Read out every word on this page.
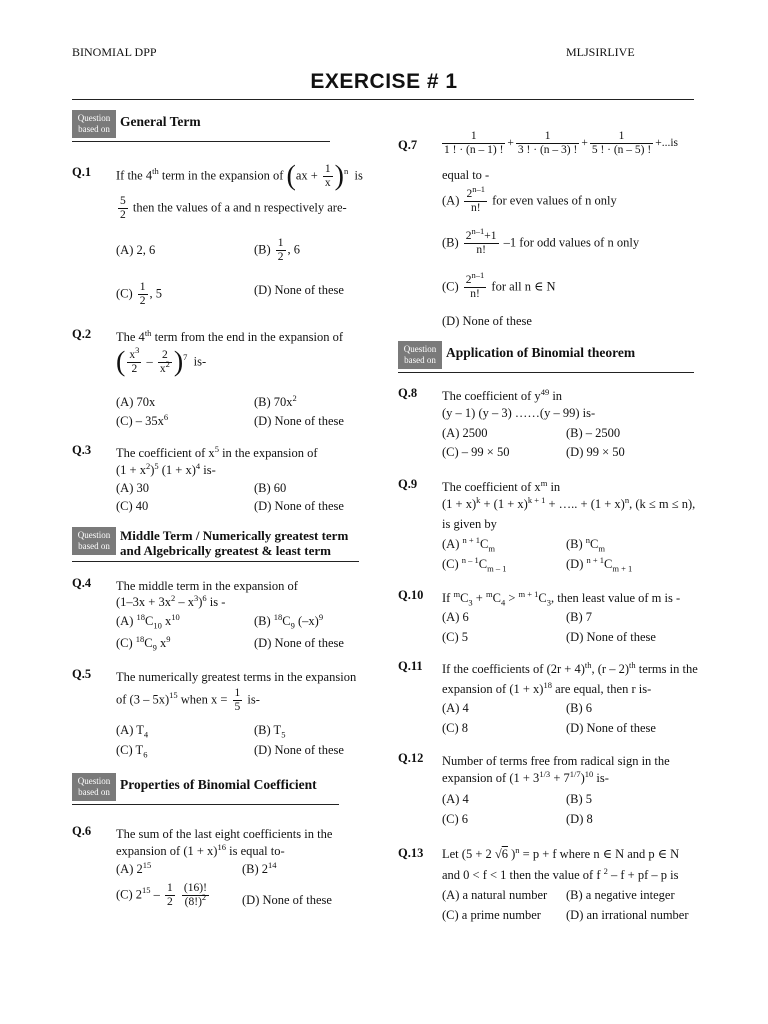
BINOMIAL DPP	MLJSIRLIVE
EXERCISE # 1
Question
based on General Term
Q.1 If the 4th term in the expansion of $(ax + \frac{1}{x} )^n$  is
$\frac{5}{2}$ then the values of a and n respectively are-
(A) 2, 6	$(B) \frac{1}{2}$ , 6
$(C) \frac{1}{2}$ , 5	(D) None of these
Q.2 The 4th term from the end in the expansion of
( $\frac{x^3}{2} - \frac{2}{x^2} )^7$  is-
(A) 70x	(B) $70x^2$
$(C) - 35x^6$	(D) None of these
Q.3 The coefficient of $x^5$ in the expansion of
$(1 + x^2)^5$ $(1 + x)^4$ is-
(A) 30	(B) 60
(C) 40	(D) None of these
Question
based on
Middle Term / Numerically greatest term
and Algebrically greatest & least term
Q.4 The middle term in the expansion of
$(1-3x + 3x^2 - x^3)^6$ is -
(A) $^{18}C_{10}$ $x^{10}$	(B) $^{18}C_9$ $(-x)^9$
(C) $^{18}C_9$ $x^9$	(D) None of these
Q.5 The numerically greatest terms in the expansion
of (3 – 5x)$^{15}$ when $x = \frac{1}{5} is-$
(A) $T_4$	(B) $T_5$
(C) $T_6$	(D) None of these
Question
based on Properties of Binomial Coefficient
Q.6 The sum of the last eight coefficients in the
expansion of $(1 + x)^{16}$ is equal to-
(A) $2^{15}$	(B) $2^{14}$
(C) $2^{15} - \frac{1}{2}$
$\frac{(16)!}{(8!)^2}$	(D) None of these
$Q.7 \frac{1}{1 ! \cdot (n - 1) !} + \frac{1}{3 ! \cdot (n - 3) !} + \frac{1}{5 ! \cdot (n - 5) !} +...is$
equal to -
$(A) \frac{2^{n-1}}{n!}$ for even values of n only
$(B) \frac{2^{n-1}+1}{n!} -1$ for odd values of n only
$(C) \frac{2^{n-1}}{n!}$ for all n ∈ N
(D) None of these
Question
based on Application of Binomial theorem
Q.8 The coefficient of $y^{49}$ in
(y – 1) (y – 3) ……(y – 99) is-
(A) 2500	(B) – 2500
(C) – 99 × 50	(D) 99 × 50
Q.9 The coefficient of $x^m$ in
$(1 + x)^k + (1 + x)^{k + 1}$ + ….. + $(1 + x)^n$, (k ≤ m ≤ n),
is given by
(A) $^{n + 1}C_m$	(B) $^nC_m$
(C) $^{n - 1}C_{m - 1}$	(D) $^{n + 1}C_{m + 1}$
Q.10 If $^mC_3 + ^mC_4 > ^{m + 1}C_3$, then least value of m is -
(A) 6	(B) 7
(C) 5	(D) None of these
Q.11 If the coefficients of $(2r + 4)^{th}$, (r – 2)$^{th}$ terms in the expansion of $(1 + x)^{18}$ are equal, then r is-
(A) 4	(B) 6
(C) 8	(D) None of these
Q.12 Number of terms free from radical sign in the
expansion of $(1 + 3^{1/3} + 7^{1/7})^{10}$ is-
(A) 4	(B) 5
(C) 6	(D) 8
Q.13 Let (5 + 2 √6 )$^n$ = p + f where n ∈ N and p ∈ N
and 0 < f < 1 then the value of f $^2$ – f + pf – p is
(A) a natural number (B) a negative integer
(C) a prime number (D) an irrational number
